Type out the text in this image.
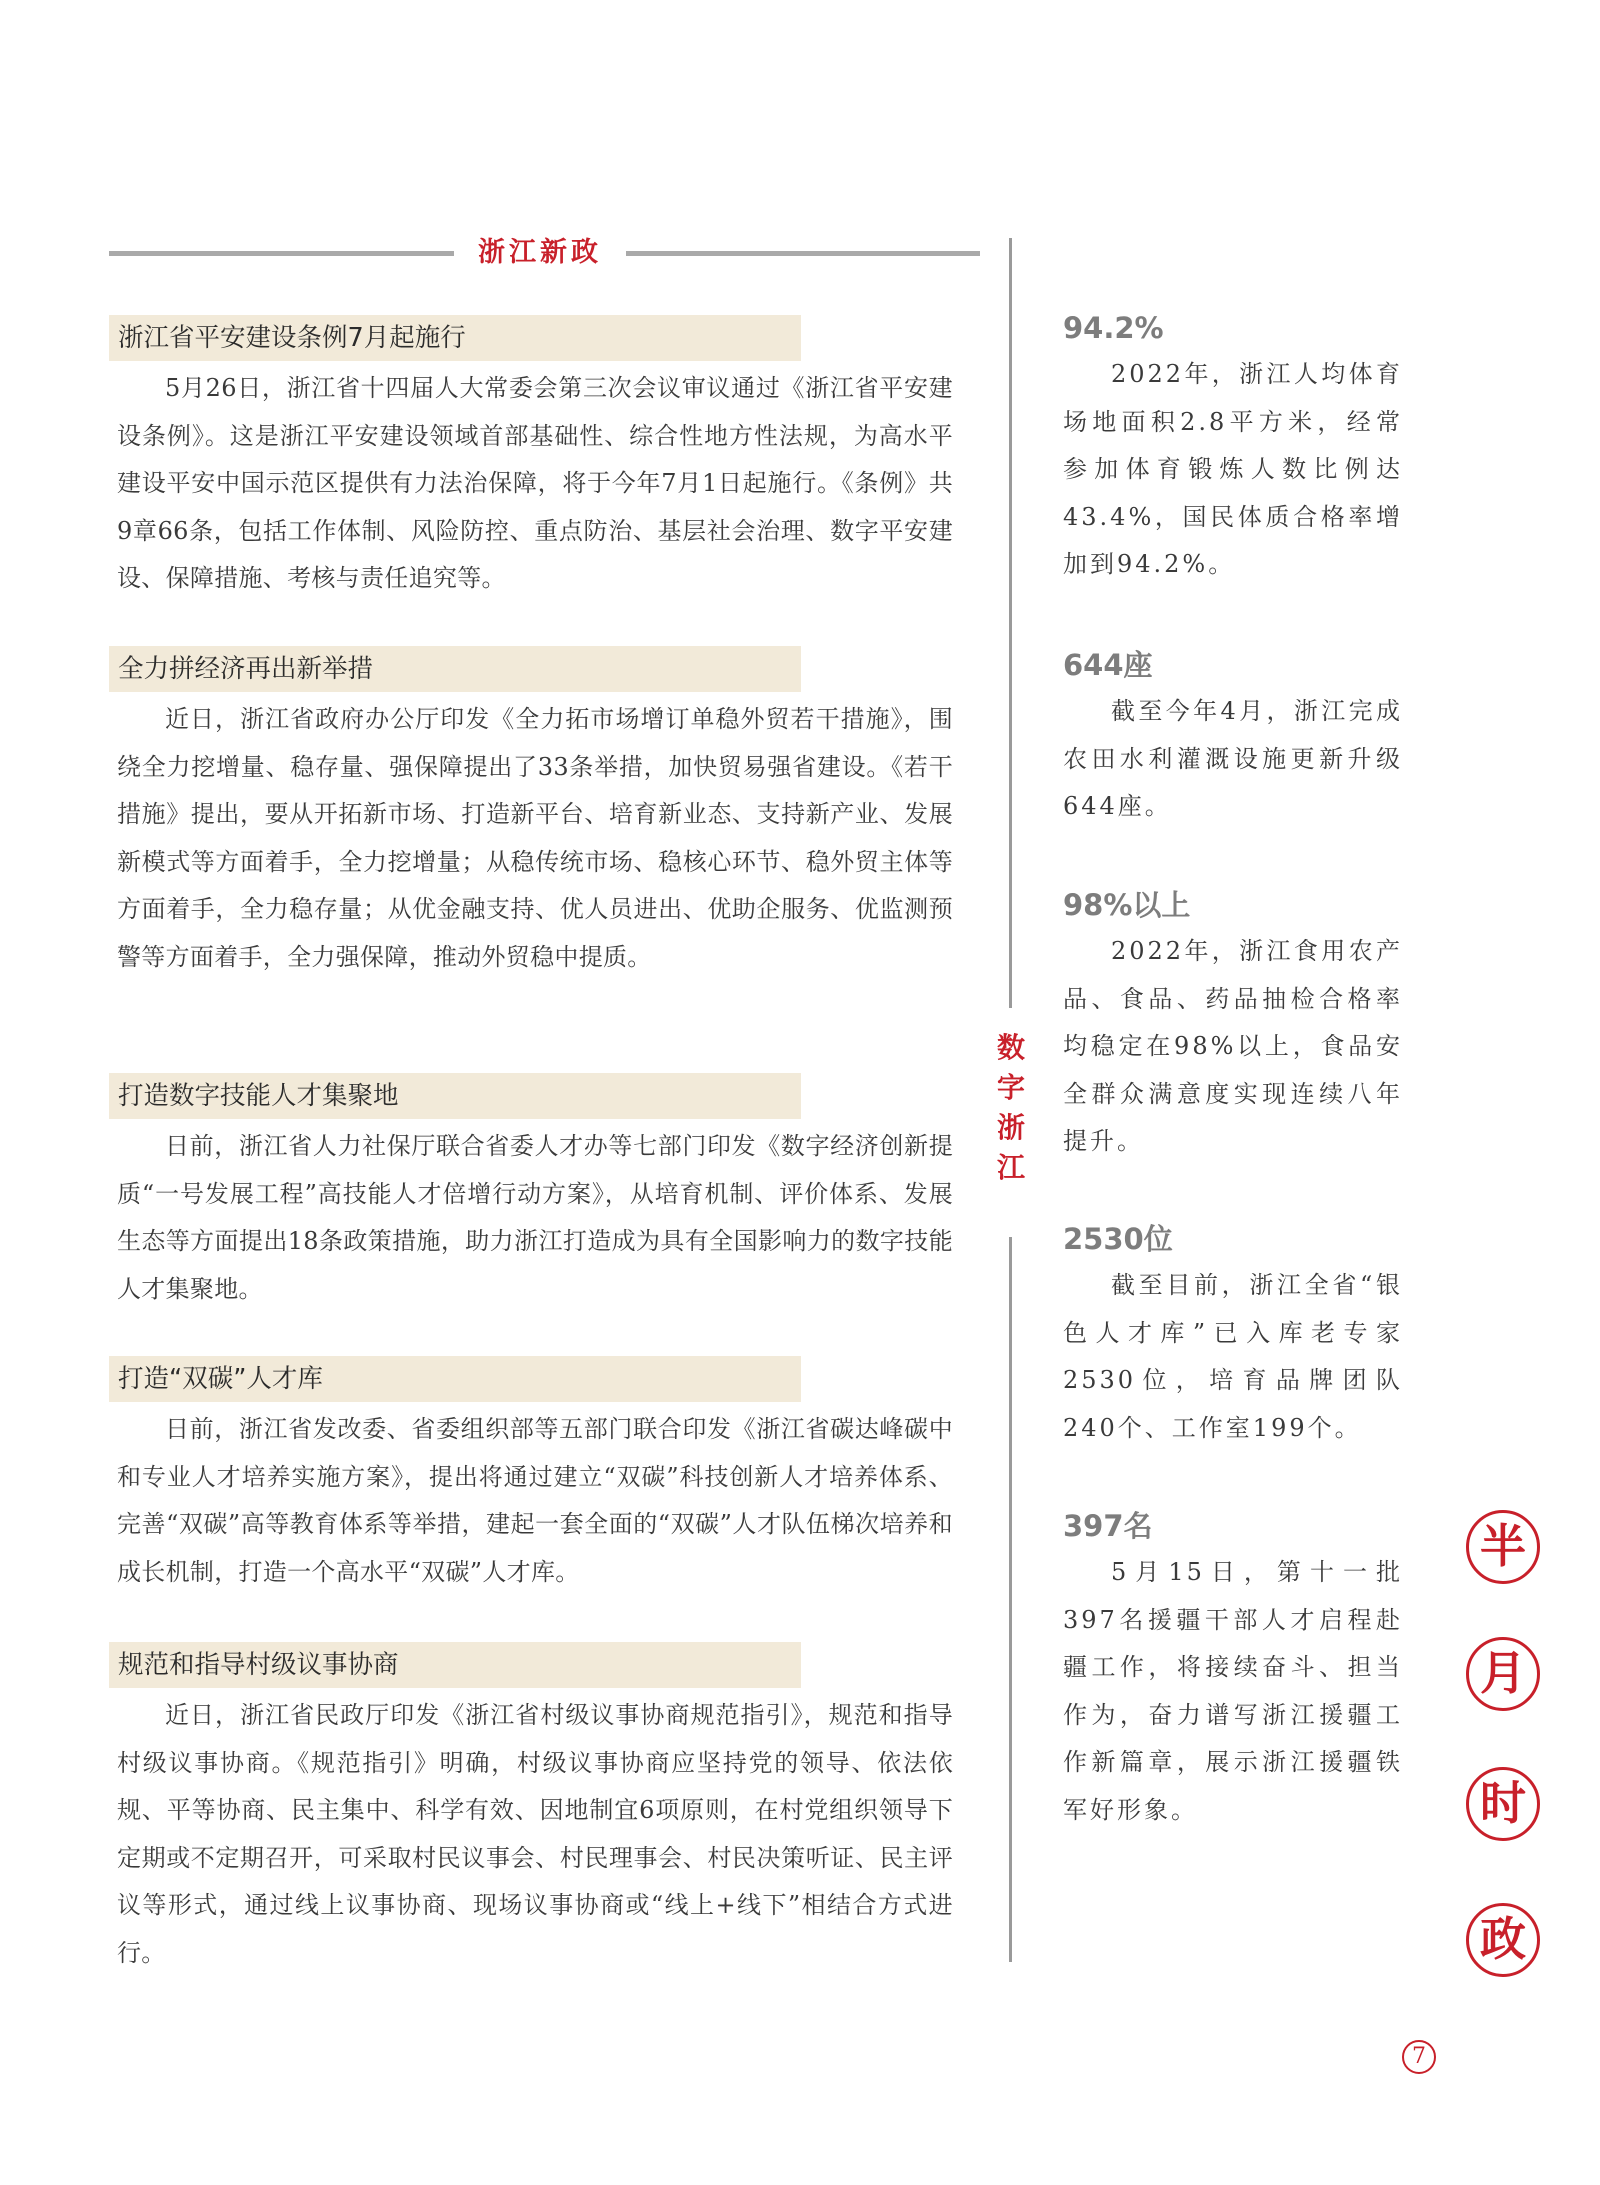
浙江新政
数
字
浙
江
浙江省平安建设条例7月起施行
5月26日，浙江省十四届人大常委会第三次会议审议通过《浙江省平安建设条例》。这是浙江平安建设领域首部基础性、综合性地方性法规，为高水平建设平安中国示范区提供有力法治保障，将于今年7月1日起施行。《条例》共9章66条，包括工作体制、风险防控、重点防治、基层社会治理、数字平安建设、保障措施、考核与责任追究等。
全力拼经济再出新举措
近日，浙江省政府办公厅印发《全力拓市场增订单稳外贸若干措施》，围绕全力挖增量、稳存量、强保障提出了33条举措，加快贸易强省建设。《若干措施》提出，要从开拓新市场、打造新平台、培育新业态、支持新产业、发展新模式等方面着手，全力挖增量；从稳传统市场、稳核心环节、稳外贸主体等方面着手，全力稳存量；从优金融支持、优人员进出、优助企服务、优监测预警等方面着手，全力强保障，推动外贸稳中提质。
打造数字技能人才集聚地
日前，浙江省人力社保厅联合省委人才办等七部门印发《数字经济创新提质“一号发展工程”高技能人才倍增行动方案》，从培育机制、评价体系、发展生态等方面提出18条政策措施，助力浙江打造成为具有全国影响力的数字技能人才集聚地。
打造“双碳”人才库
日前，浙江省发改委、省委组织部等五部门联合印发《浙江省碳达峰碳中和专业人才培养实施方案》，提出将通过建立“双碳”科技创新人才培养体系、完善“双碳”高等教育体系等举措，建起一套全面的“双碳”人才队伍梯次培养和成长机制，打造一个高水平“双碳”人才库。
规范和指导村级议事协商
近日，浙江省民政厅印发《浙江省村级议事协商规范指引》，规范和指导村级议事协商。《规范指引》明确，村级议事协商应坚持党的领导、依法依规、平等协商、民主集中、科学有效、因地制宜6项原则，在村党组织领导下定期或不定期召开，可采取村民议事会、村民理事会、村民决策听证、民主评议等形式，通过线上议事协商、现场议事协商或“线上+线下”相结合方式进行。
94.2%
2022年，浙江人均体育场地面积2.8平方米，经常参加体育锻炼人数比例达43.4%，国民体质合格率增加到94.2%。
644座
截至今年4月，浙江完成农田水利灌溉设施更新升级644座。
98%以上
2022年，浙江食用农产品、食品、药品抽检合格率均稳定在98%以上，食品安全群众满意度实现连续八年提升。
2530位
截至目前，浙江全省“银色人才库”已入库老专家2530位，培育品牌团队240个、工作室199个。
397名
5月15日，第十一批397名援疆干部人才启程赴疆工作，将接续奋斗、担当作为，奋力谱写浙江援疆工作新篇章，展示浙江援疆铁军好形象。
半
月
时
政
7
